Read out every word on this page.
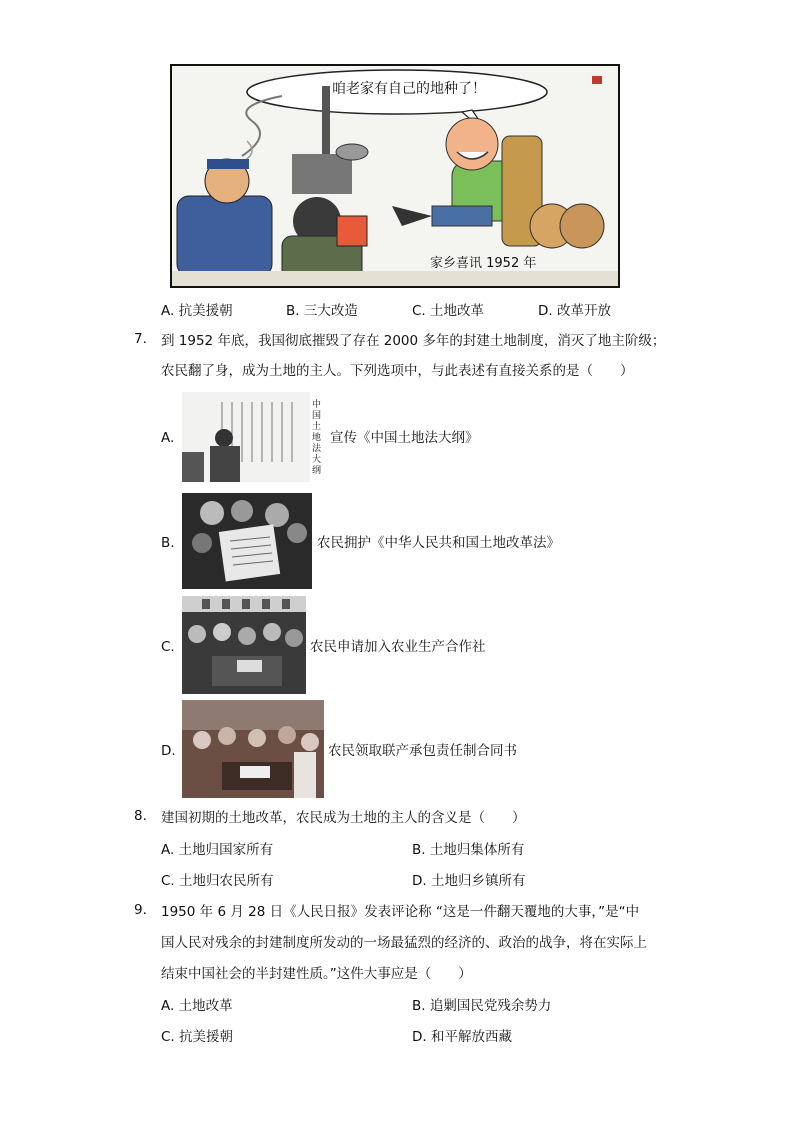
咱老家有自己的地种了！
家乡喜讯 1952 年
A. 抗美援朝	B. 三大改造	C. 土地改革	D. 改革开放
7. 到 1952 年底，我国彻底摧毁了存在 2000 多年的封建土地制度，消灭了地主阶级；
农民翻了身，成为土地的主人。下列选项中，与此表述有直接关系的是（　　）
A.
中国土地法大纲
宣传《中国土地法大纲》
B.	农民拥护《中华人民共和国土地改革法》
C.	农民申请加入农业生产合作社
D.	农民领取联产承包责任制合同书
8. 建国初期的土地改革，农民成为土地的主人的含义是（　　）
A. 土地归国家所有	B. 土地归集体所有
C. 土地归农民所有	D. 土地归乡镇所有
9. 1950 年 6 月 28 日《人民日报》发表评论称 “这是一件翻天覆地的大事，”是“中
国人民对残余的封建制度所发动的一场最猛烈的经济的、政治的战争，将在实际上
结束中国社会的半封建性质。”这件大事应是（　　）
A. 土地改革	B. 追剿国民党残余势力
C. 抗美援朝	D. 和平解放西藏
